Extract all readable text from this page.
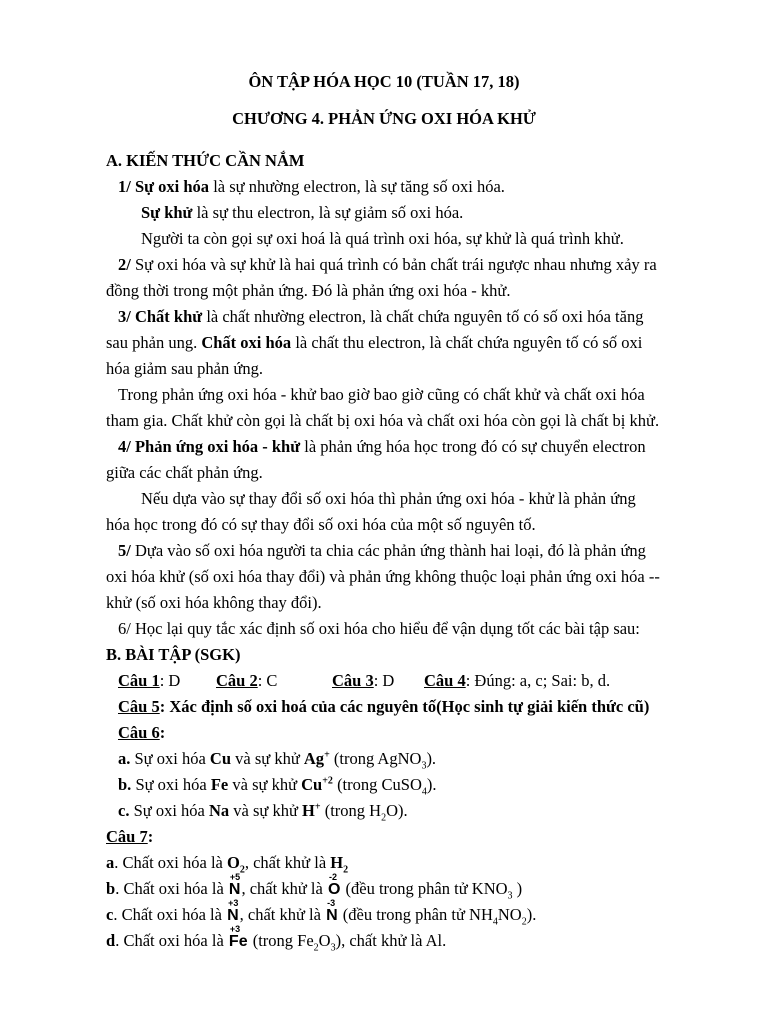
ÔN TẬP HÓA HỌC 10 (TUẦN 17, 18)
CHƯƠNG 4. PHẢN ỨNG OXI HÓA KHỬ
A. KIẾN THỨC CẦN NẮM
1/ Sự oxi hóa là sự nhường electron, là sự tăng số oxi hóa.
Sự khử là sự thu electron, là sự giảm số oxi hóa.
Người ta còn gọi sự oxi hoá là quá trình oxi hóa, sự khử là quá trình khử.
2/ Sự oxi hóa và sự khử là hai quá trình có bản chất trái ngược nhau nhưng xảy ra
đồng thời trong một phản ứng. Đó là phản ứng oxi hóa - khử.
3/ Chất khử là chất nhường electron, là chất chứa nguyên tố có số oxi hóa tăng
sau phản ung. Chất oxi hóa là chất thu electron, là chất chứa nguyên tố có số oxi
hóa giảm sau phản ứng.
Trong phản ứng oxi hóa - khử bao giờ bao giờ cũng có chất khử và chất oxi hóa
tham gia. Chất khử còn gọi là chất bị oxi hóa và chất oxi hóa còn gọi là chất bị khử.
4/ Phản ứng oxi hóa - khử là phản ứng hóa học trong đó có sự chuyển electron
giữa các chất phản ứng.
Nếu dựa vào sự thay đổi số oxi hóa thì phản ứng oxi hóa - khử là phản ứng
hóa học trong đó có sự thay đổi số oxi hóa của một số nguyên tố.
5/ Dựa vào số oxi hóa người ta chia các phản ứng thành hai loại, đó là phản ứng
oxi hóa khử (số oxi hóa thay đổi) và phản ứng không thuộc loại phản ứng oxi hóa --
khử (số oxi hóa không thay đổi).
6/ Học lại quy tắc xác định số oxi hóa cho hiểu để vận dụng tốt các bài tập sau:
B. BÀI TẬP (SGK)
Câu 1: D Câu 2: C	Câu 3: D Câu 4: Đúng: a, c; Sai: b, d.
Câu 5: Xác định số oxi hoá của các nguyên tố(Học sinh tự giải kiến thức cũ)
Câu 6:
a. Sự oxi hóa Cu và sự khử Ag+ (trong AgNO$_3$).
b. Sự oxi hóa Fe và sự khử $Cu^{+2}$ (trong CuSO$_4$).
c. Sự oxi hóa Na và sự khử H+ (trong $H_2O$).
Câu 7:
a. Chất oxi hóa là $O_2$, chất khử là $H_2$
b. Chất oxi hóa là
+5
N, chất khử là
-2
O (đều trong phân tử $KNO_3$ )
c. Chất oxi hóa là
+3
N, chất khử là
-3
N (đều trong phân tử $NH_4NO_2$).
d. Chất oxi hóa là
+3
Fe (trong $Fe_2O_3$), chất khử là Al.
